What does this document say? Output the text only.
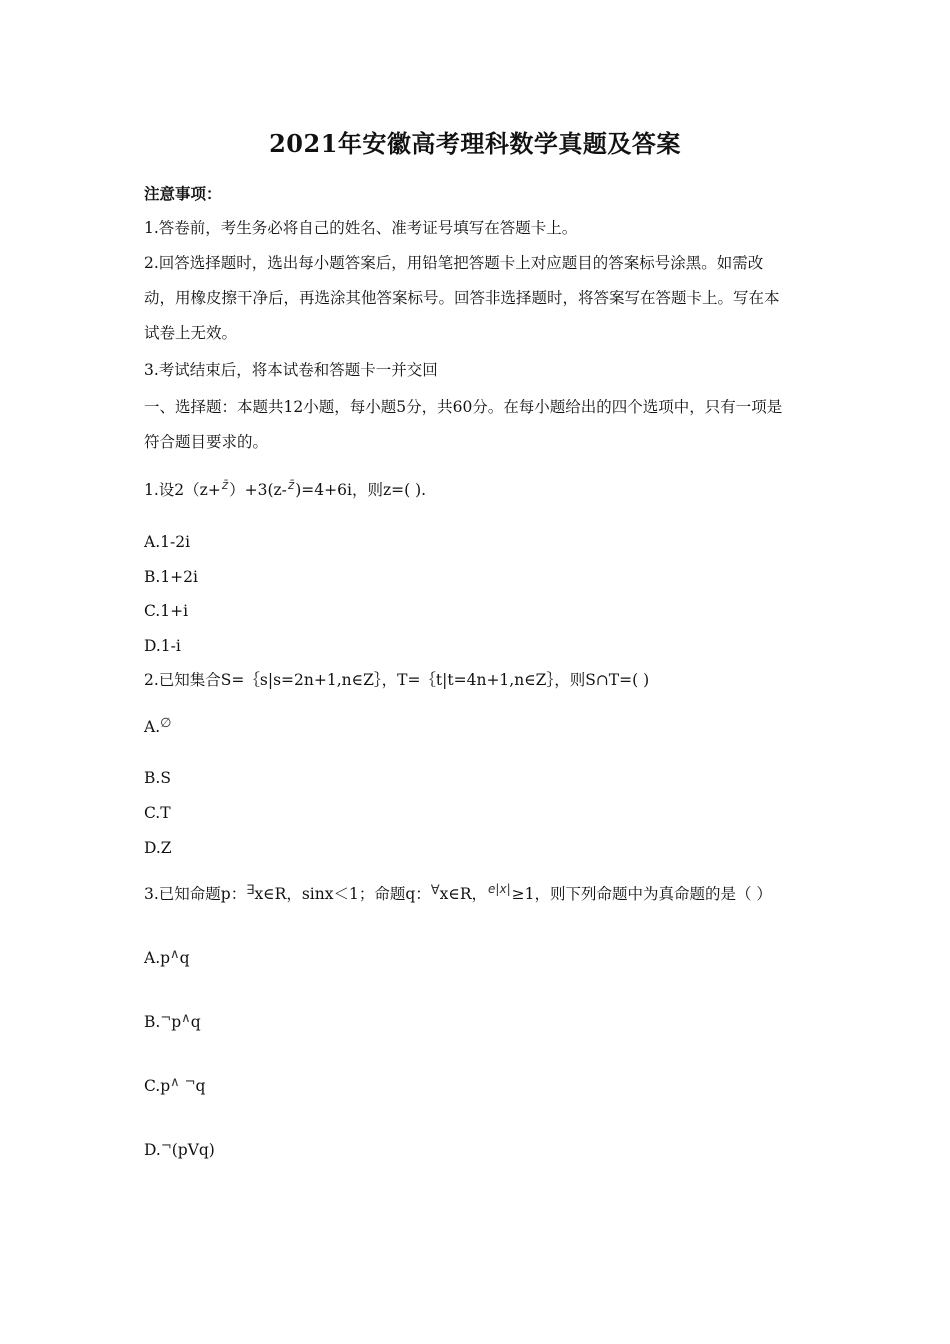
2021年安徽高考理科数学真题及答案
注意事项：
1.答卷前，考生务必将自己的姓名、准考证号填写在答题卡上。
2.回答选择题时，选出每小题答案后，用铅笔把答题卡上对应题目的答案标号涂黑。如需改
动，用橡皮擦干净后，再选涂其他答案标号。回答非选择题时，将答案写在答题卡上。写在本
试卷上无效。
3.考试结束后，将本试卷和答题卡一并交回
一、选择题：本题共12小题，每小题5分，共60分。在每小题给出的四个选项中，只有一项是
符合题目要求的。
1.设2（z+z̄）+3(z-z̄)=4+6i，则z=( ).
A.1-2i
B.1+2i
C.1+i
D.1-i
2.已知集合S=｛s|s=2n+1,n∈Z｝，T=｛t|t=4n+1,n∈Z｝，则S∩T=( )
A.∅
B.S
C.T
D.Z
3.已知命题p：∃x∈R，sinx＜1；命题q：∀x∈R，e|x|≥1，则下列命题中为真命题的是（ ）
A.p∧q
B.¬p∧q
C.p∧ ¬q
D.¬(pVq)
